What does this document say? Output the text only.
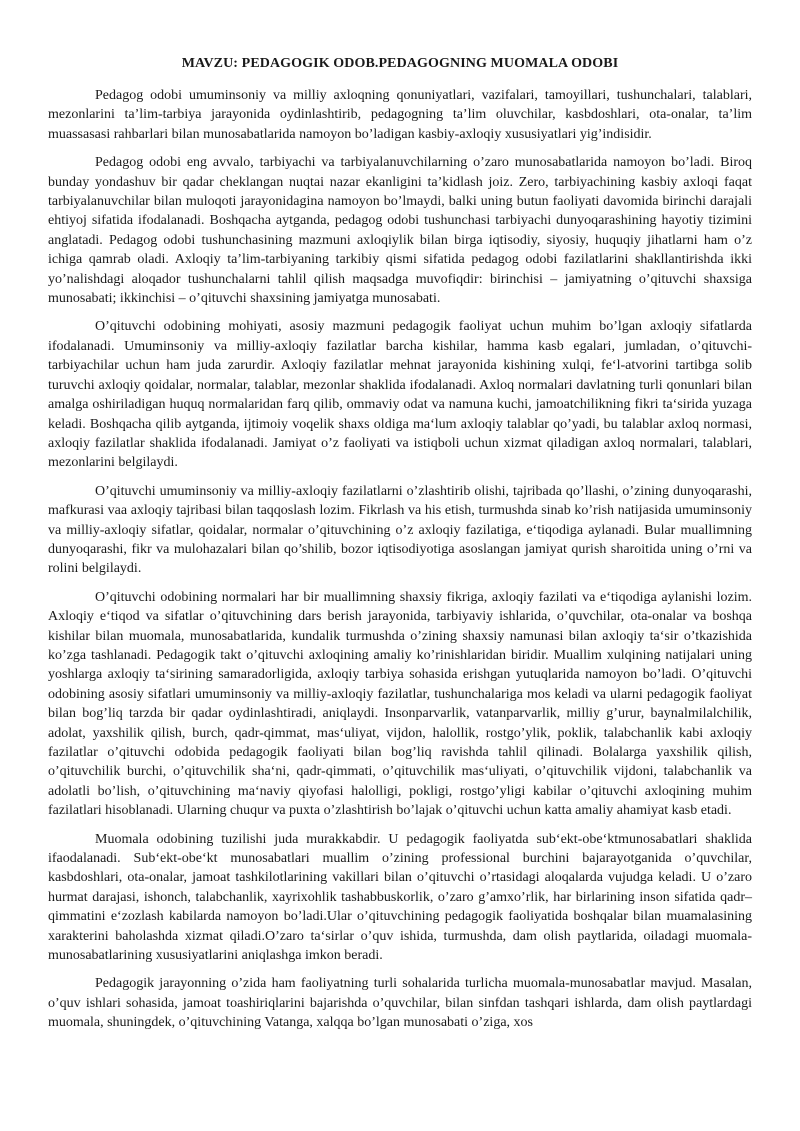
MAVZU: PEDAGOGIK ODOB.PEDAGOGNING MUOMALA ODOBI

Pedagog odobi umuminsoniy va milliy axloqning qonuniyatlari, vazifalari, tamoyillari, tushunchalari, talablari, mezonlarini ta’lim-tarbiya jarayonida oydinlashtirib, pedagogning ta’lim oluvchilar, kasbdoshlari, ota-onalar, ta’lim muassasasi rahbarlari bilan munosabatlarida namoyon bo’ladigan kasbiy-axloqiy xususiyatlari yig’indisidir.

Pedagog odobi eng avvalo, tarbiyachi va tarbiyalanuvchilarning o’zaro munosabatlarida namoyon bo’ladi. Biroq bunday yondashuv bir qadar cheklangan nuqtai nazar ekanligini ta’kidlash joiz. Zero, tarbiyachining kasbiy axloqi faqat tarbiyalanuvchilar bilan muloqoti jarayonidagina namoyon bo’lmaydi, balki uning butun faoliyati davomida birinchi darajali ehtiyoj sifatida ifodalanadi. Boshqacha aytganda, pedagog odobi tushunchasi tarbiyachi dunyoqarashining hayotiy tizimini anglatadi. Pedagog odobi tushunchasining mazmuni axloqiylik bilan birga iqtisodiy, siyosiy, huquqiy jihatlarni ham o’z ichiga qamrab oladi. Axloqiy ta’lim-tarbiyaning tarkibiy qismi sifatida pedagog odobi fazilatlarini shakllantirishda ikki yo’nalishdagi aloqador tushunchalarni tahlil qilish maqsadga muvofiqdir: birinchisi – jamiyatning o’qituvchi shaxsiga munosabati; ikkinchisi – o’qituvchi shaxsining jamiyatga munosabati.

O’qituvchi odobining mohiyati, asosiy mazmuni pedagogik faoliyat uchun muhim bo’lgan axloqiy sifatlarda ifodalanadi. Umuminsoniy va milliy-axloqiy fazilatlar barcha kishilar, hamma kasb egalari, jumladan, o’qituvchi-tarbiyachilar uchun ham juda zarurdir. Axloqiy fazilatlar mehnat jarayonida kishining xulqi, fe‘l-atvorini tartibga solib turuvchi axloqiy qoidalar, normalar, talablar, mezonlar shaklida ifodalanadi. Axloq normalari davlatning turli qonunlari bilan amalga oshiriladigan huquq normalaridan farq qilib, ommaviy odat va namuna kuchi, jamoatchilikning fikri ta‘sirida yuzaga keladi. Boshqacha qilib aytganda, ijtimoiy voqelik shaxs oldiga ma‘lum axloqiy talablar qo’yadi, bu talablar axloq normasi, axloqiy fazilatlar shaklida ifodalanadi. Jamiyat o’z faoliyati va istiqboli uchun xizmat qiladigan axloq normalari, talablari, mezonlarini belgilaydi.

O’qituvchi umuminsoniy va milliy-axloqiy fazilatlarni o’zlashtirib olishi, tajribada qo’llashi, o’zining dunyoqarashi, mafkurasi vaa axloqiy tajribasi bilan taqqoslash lozim. Fikrlash va his etish, turmushda sinab ko’rish natijasida umuminsoniy va milliy-axloqiy sifatlar, qoidalar, normalar o’qituvchining o’z axloqiy fazilatiga, e‘tiqodiga aylanadi. Bular muallimning dunyoqarashi, fikr va mulohazalari bilan qo’shilib, bozor iqtisodiyotiga asoslangan jamiyat qurish sharoitida uning o’rni va rolini belgilaydi.

O’qituvchi odobining normalari har bir muallimning shaxsiy fikriga, axloqiy fazilati va e‘tiqodiga aylanishi lozim. Axloqiy e‘tiqod va sifatlar o’qituvchining dars berish jarayonida, tarbiyaviy ishlarida, o’quvchilar, ota-onalar va boshqa kishilar bilan muomala, munosabatlarida, kundalik turmushda o’zining shaxsiy namunasi bilan axloqiy ta‘sir o’tkazishida ko’zga tashlanadi. Pedagogik takt o’qituvchi axloqining amaliy ko’rinishlaridan biridir. Muallim xulqining natijalari uning yoshlarga axloqiy ta‘sirining samaradorligida, axloqiy tarbiya sohasida erishgan yutuqlarida namoyon bo’ladi. O’qituvchi odobining asosiy sifatlari umuminsoniy va milliy-axloqiy fazilatlar, tushunchalariga mos keladi va ularni pedagogik faoliyat bilan bog’liq tarzda bir qadar oydinlashtiradi, aniqlaydi. Insonparvarlik, vatanparvarlik, milliy g’urur, baynalmilalchilik, adolat, yaxshilik qilish, burch, qadr-qimmat, mas‘uliyat, vijdon, halollik, rostgo’ylik, poklik, talabchanlik kabi axloqiy fazilatlar o’qituvchi odobida pedagogik faoliyati bilan bog’liq ravishda tahlil qilinadi. Bolalarga yaxshilik qilish, o’qituvchilik burchi, o’qituvchilik sha‘ni, qadr-qimmati, o’qituvchilik mas‘uliyati, o’qituvchilik vijdoni, talabchanlik va adolatli bo’lish, o’qituvchining ma‘naviy qiyofasi halolligi, pokligi, rostgo’yligi kabilar o’qituvchi axloqining muhim fazilatlari hisoblanadi. Ularning chuqur va puxta o’zlashtirish bo’lajak o’qituvchi uchun katta amaliy ahamiyat kasb etadi.

Muomala odobining tuzilishi juda murakkabdir. U pedagogik faoliyatda sub‘ekt-obe‘ktmunosabatlari shaklida ifaodalanadi. Sub‘ekt-obe‘kt munosabatlari muallim o’zining professional burchini bajarayotganida o’quvchilar, kasbdoshlari, ota-onalar, jamoat tashkilotlarining vakillari bilan o’qituvchi o’rtasidagi aloqalarda vujudga keladi. U o’zaro hurmat darajasi, ishonch, talabchanlik, xayrixohlik tashabbuskorlik, o’zaro g’amxo’rlik, har birlarining inson sifatida qadr–qimmatini e‘zozlash kabilarda namoyon bo’ladi.Ular o’qituvchining pedagogik faoliyatida boshqalar bilan muamalasining xarakterini baholashda xizmat qiladi.O’zaro ta‘sirlar o’quv ishida, turmushda, dam olish paytlarida, oiladagi muomala-munosabatlarining xususiyatlarini aniqlashga imkon beradi.

Pedagogik jarayonning o’zida ham faoliyatning turli sohalarida turlicha muomala-munosabatlar mavjud. Masalan, o’quv ishlari sohasida, jamoat toashiriqlarini bajarishda o’quvchilar, bilan sinfdan tashqari ishlarda, dam olish paytlardagi muomala, shuningdek, o’qituvchining Vatanga, xalqqa bo’lgan munosabati o’ziga, xos
